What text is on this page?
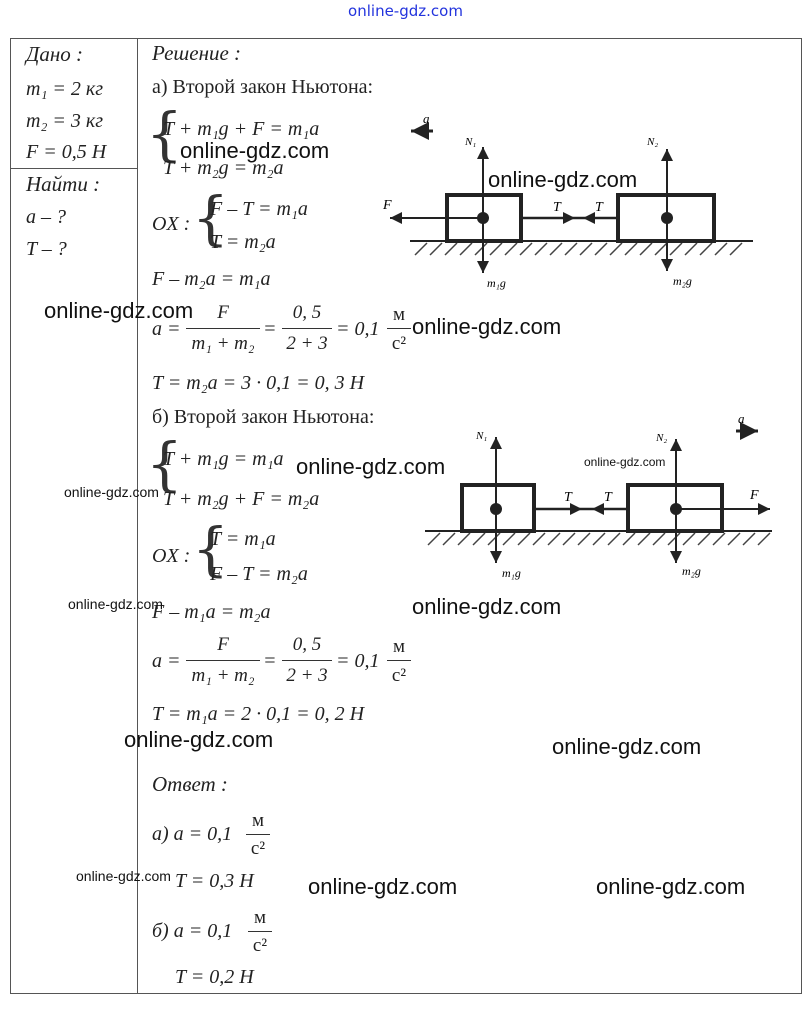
online-gdz.com
Дано :
m₁ = 2 кг
m₂ = 3 кг
F = 0,5 Н
Найти :
a – ?
T – ?
Решение :
а) Второй закон Ньютона:
{
T + m₁g + F = m₁a
T + m₂g = m₂a
OX : {
F – T = m₁a
T = m₂a
F – m₂a = m₁a
a =
F
m₁ + m₂
=
0, 5
2 + 3
= 0,1
м
с²
T = m₂a = 3 · 0,1 = 0, 3 Н
б) Второй закон Ньютона:
{
T + m₁g = m₁a
T + m₂g + F = m₂a
OX : {
T = m₁a
F – T = m₂a
F – m₁a = m₂a
a =
F
m₁ + m₂
=
0, 5
2 + 3
= 0,1
м
с²
T = m₁a = 2 · 0,1 = 0, 2 Н
Ответ :
а) a = 0,1
м
с²
T = 0,3 Н
б) a = 0,1
м
с²
T = 0,2 Н
a
N₁
m₁g
F	T T
N₂
m₂g
a
N₁
m₁g
T T
N₂
m₂g
F
online-gdz.com
online-gdz.com
online-gdz.com
online-gdz.com
online-gdz.com	online-gdz.com
online-gdz.com
online-gdz.com	online-gdz.com
online-gdz.com	online-gdz.com
online-gdz.com	online-gdz.com	online-gdz.com
